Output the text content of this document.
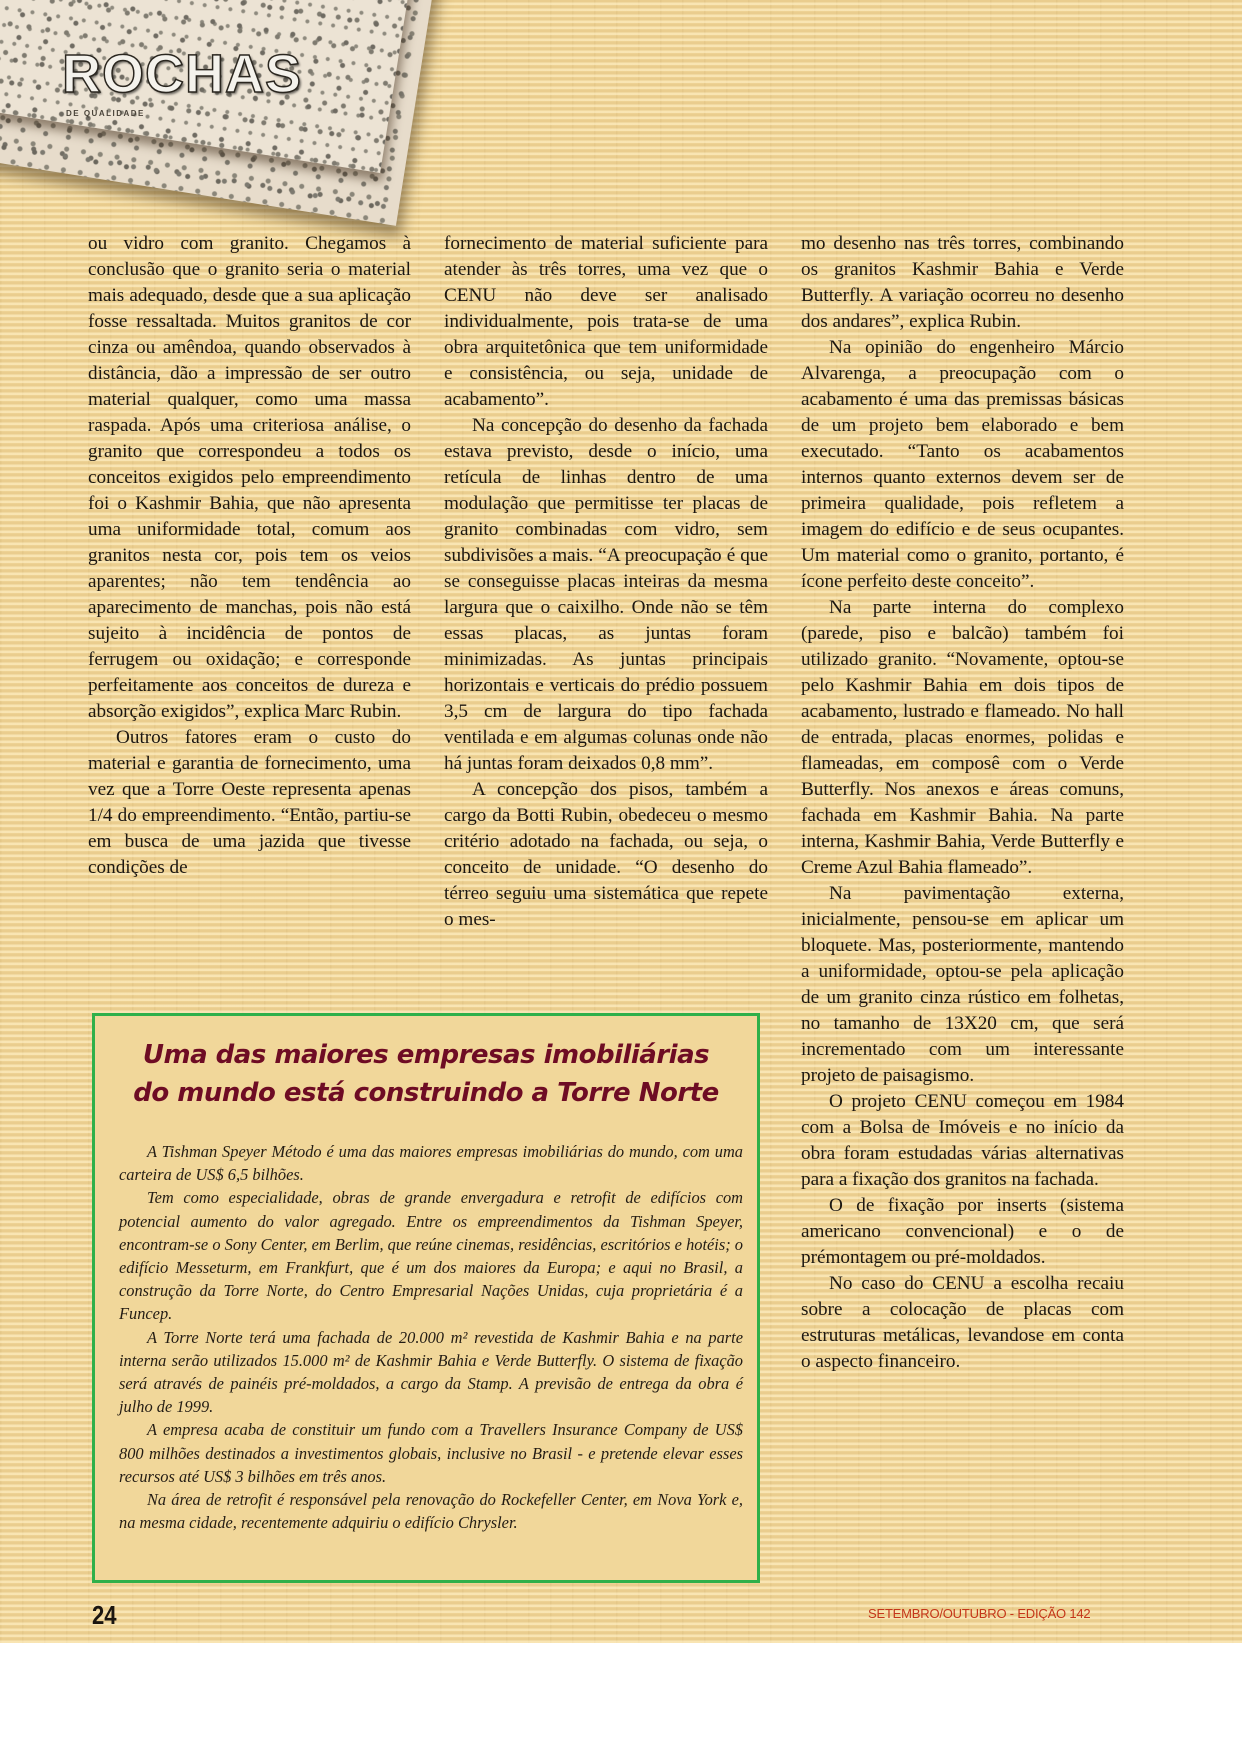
ROCHAS
DE QUALIDADE

ou vidro com granito. Chegamos à conclusão que o granito seria o material mais adequado, desde que a sua aplicação fosse ressaltada. Muitos granitos de cor cinza ou amêndoa, quando observados à distância, dão a impressão de ser outro material qualquer, como uma massa raspada. Após uma criteriosa análise, o granito que correspondeu a todos os conceitos exigidos pelo empreendimento foi o Kashmir Bahia, que não apresenta uma uniformidade total, comum aos granitos nesta cor, pois tem os veios aparentes; não tem tendência ao aparecimento de manchas, pois não está sujeito à incidência de pontos de ferrugem ou oxidação; e corresponde perfeitamente aos conceitos de dureza e absorção exigidos”, explica Marc Rubin.

Outros fatores eram o custo do material e garantia de fornecimento, uma vez que a Torre Oeste representa apenas 1/4 do empreendimento. “Então, partiu-se em busca de uma jazida que tivesse condições de

fornecimento de material suficiente para atender às três torres, uma vez que o CENU não deve ser analisado individualmente, pois trata-se de uma obra arquitetônica que tem uniformidade e consistência, ou seja, unidade de acabamento”.

Na concepção do desenho da fachada estava previsto, desde o início, uma retícula de linhas dentro de uma modulação que permitisse ter placas de granito combinadas com vidro, sem subdivisões a mais. “A preocupação é que se conseguisse placas inteiras da mesma largura que o caixilho. Onde não se têm essas placas, as juntas foram minimizadas. As juntas principais horizontais e verticais do prédio possuem 3,5 cm de largura do tipo fachada ventilada e em algumas colunas onde não há juntas foram deixados 0,8 mm”.

A concepção dos pisos, também a cargo da Botti Rubin, obedeceu o mesmo critério adotado na fachada, ou seja, o conceito de unidade. “O desenho do térreo seguiu uma sistemática que repete o mes-

mo desenho nas três torres, combinando os granitos Kashmir Bahia e Verde Butterfly. A variação ocorreu no desenho dos andares”, explica Rubin.

Na opinião do engenheiro Márcio Alvarenga, a preocupação com o acabamento é uma das premissas básicas de um projeto bem elaborado e bem executado. “Tanto os acabamentos internos quanto externos devem ser de primeira qualidade, pois refletem a imagem do edifício e de seus ocupantes. Um material como o granito, portanto, é ícone perfeito deste conceito”.

Na parte interna do complexo (parede, piso e balcão) também foi utilizado granito. “Novamente, optou-se pelo Kashmir Bahia em dois tipos de acabamento, lustrado e flameado. No hall de entrada, placas enormes, polidas e flameadas, em composê com o Verde Butterfly. Nos anexos e áreas comuns, fachada em Kashmir Bahia. Na parte interna, Kashmir Bahia, Verde Butterfly e Creme Azul Bahia flameado”.

Na pavimentação externa, inicialmente, pensou-se em aplicar um bloquete. Mas, posteriormente, mantendo a uniformidade, optou-se pela aplicação de um granito cinza rústico em folhetas, no tamanho de 13X20 cm, que será incrementado com um interessante projeto de paisagismo.

O projeto CENU começou em 1984 com a Bolsa de Imóveis e no início da obra foram estudadas várias alternativas para a fixação dos granitos na fachada.

O de fixação por inserts (sistema americano convencional) e o de prémontagem ou pré-moldados.

No caso do CENU a escolha recaiu sobre a colocação de placas com estruturas metálicas, levandose em conta o aspecto financeiro.

Uma das maiores empresas imobiliárias
do mundo está construindo a Torre Norte

A Tishman Speyer Método é uma das maiores empresas imobiliárias do mundo, com uma carteira de US$ 6,5 bilhões.

Tem como especialidade, obras de grande envergadura e retrofit de edifícios com potencial aumento do valor agregado. Entre os empreendimentos da Tishman Speyer, encontram-se o Sony Center, em Berlim, que reúne cinemas, residências, escritórios e hotéis; o edifício Messeturm, em Frankfurt, que é um dos maiores da Europa; e aqui no Brasil, a construção da Torre Norte, do Centro Empresarial Nações Unidas, cuja proprietária é a Funcep.

A Torre Norte terá uma fachada de 20.000 m² revestida de Kashmir Bahia e na parte interna serão utilizados 15.000 m² de Kashmir Bahia e Verde Butterfly. O sistema de fixação será através de painéis pré-moldados, a cargo da Stamp. A previsão de entrega da obra é julho de 1999.

A empresa acaba de constituir um fundo com a Travellers Insurance Company de US$ 800 milhões destinados a investimentos globais, inclusive no Brasil - e pretende elevar esses recursos até US$ 3 bilhões em três anos.

Na área de retrofit é responsável pela renovação do Rockefeller Center, em Nova York e, na mesma cidade, recentemente adquiriu o edifício Chrysler.

24	SETEMBRO/OUTUBRO - EDIÇÃO 142
